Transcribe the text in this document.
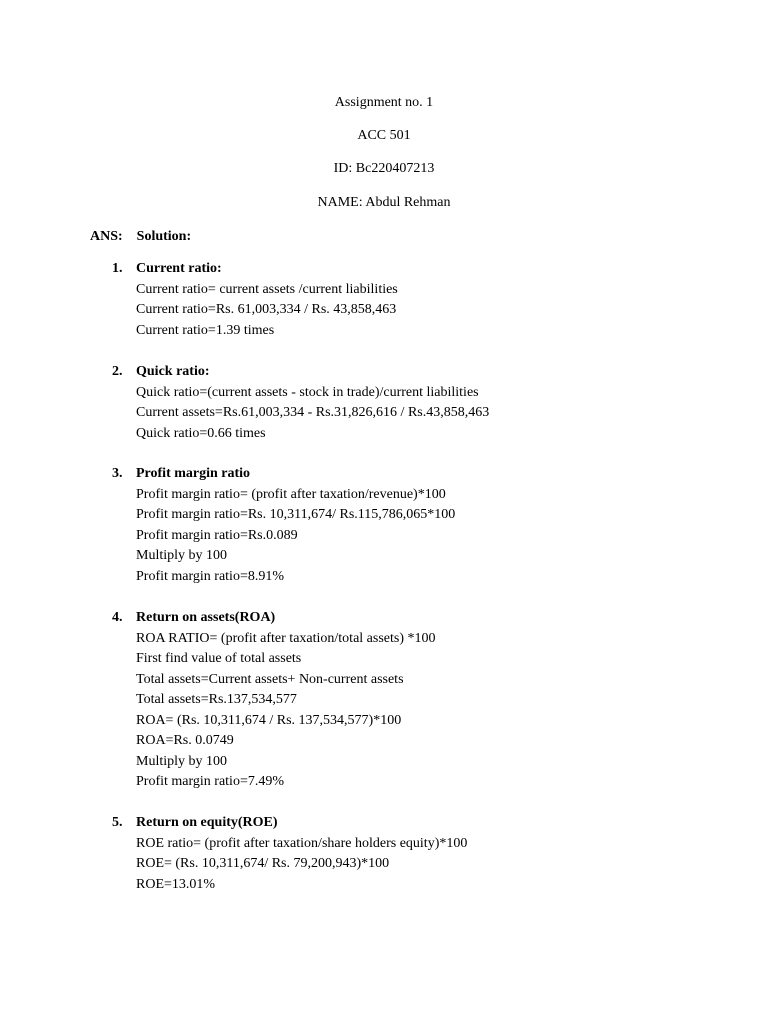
Assignment no. 1
ACC 501
ID: Bc220407213
NAME: Abdul Rehman
ANS: Solution:
1. Current ratio:
Current ratio= current assets /current liabilities
Current ratio=Rs. 61,003,334 / Rs. 43,858,463
Current ratio=1.39 times
2. Quick ratio:
Quick ratio=(current assets - stock in trade)/current liabilities
Current assets=Rs.61,003,334 - Rs.31,826,616 / Rs.43,858,463
Quick ratio=0.66 times
3. Profit margin ratio
Profit margin ratio= (profit after taxation/revenue)*100
Profit margin ratio=Rs. 10,311,674/ Rs.115,786,065*100
Profit margin ratio=Rs.0.089
Multiply by 100
Profit margin ratio=8.91%
4. Return on assets(ROA)
ROA RATIO= (profit after taxation/total assets) *100
First find value of total assets
Total assets=Current assets+ Non-current assets
Total assets=Rs.137,534,577
ROA= (Rs. 10,311,674 / Rs. 137,534,577)*100
ROA=Rs. 0.0749
Multiply by 100
Profit margin ratio=7.49%
5. Return on equity(ROE)
ROE ratio= (profit after taxation/share holders equity)*100
ROE= (Rs. 10,311,674/ Rs. 79,200,943)*100
ROE=13.01%
